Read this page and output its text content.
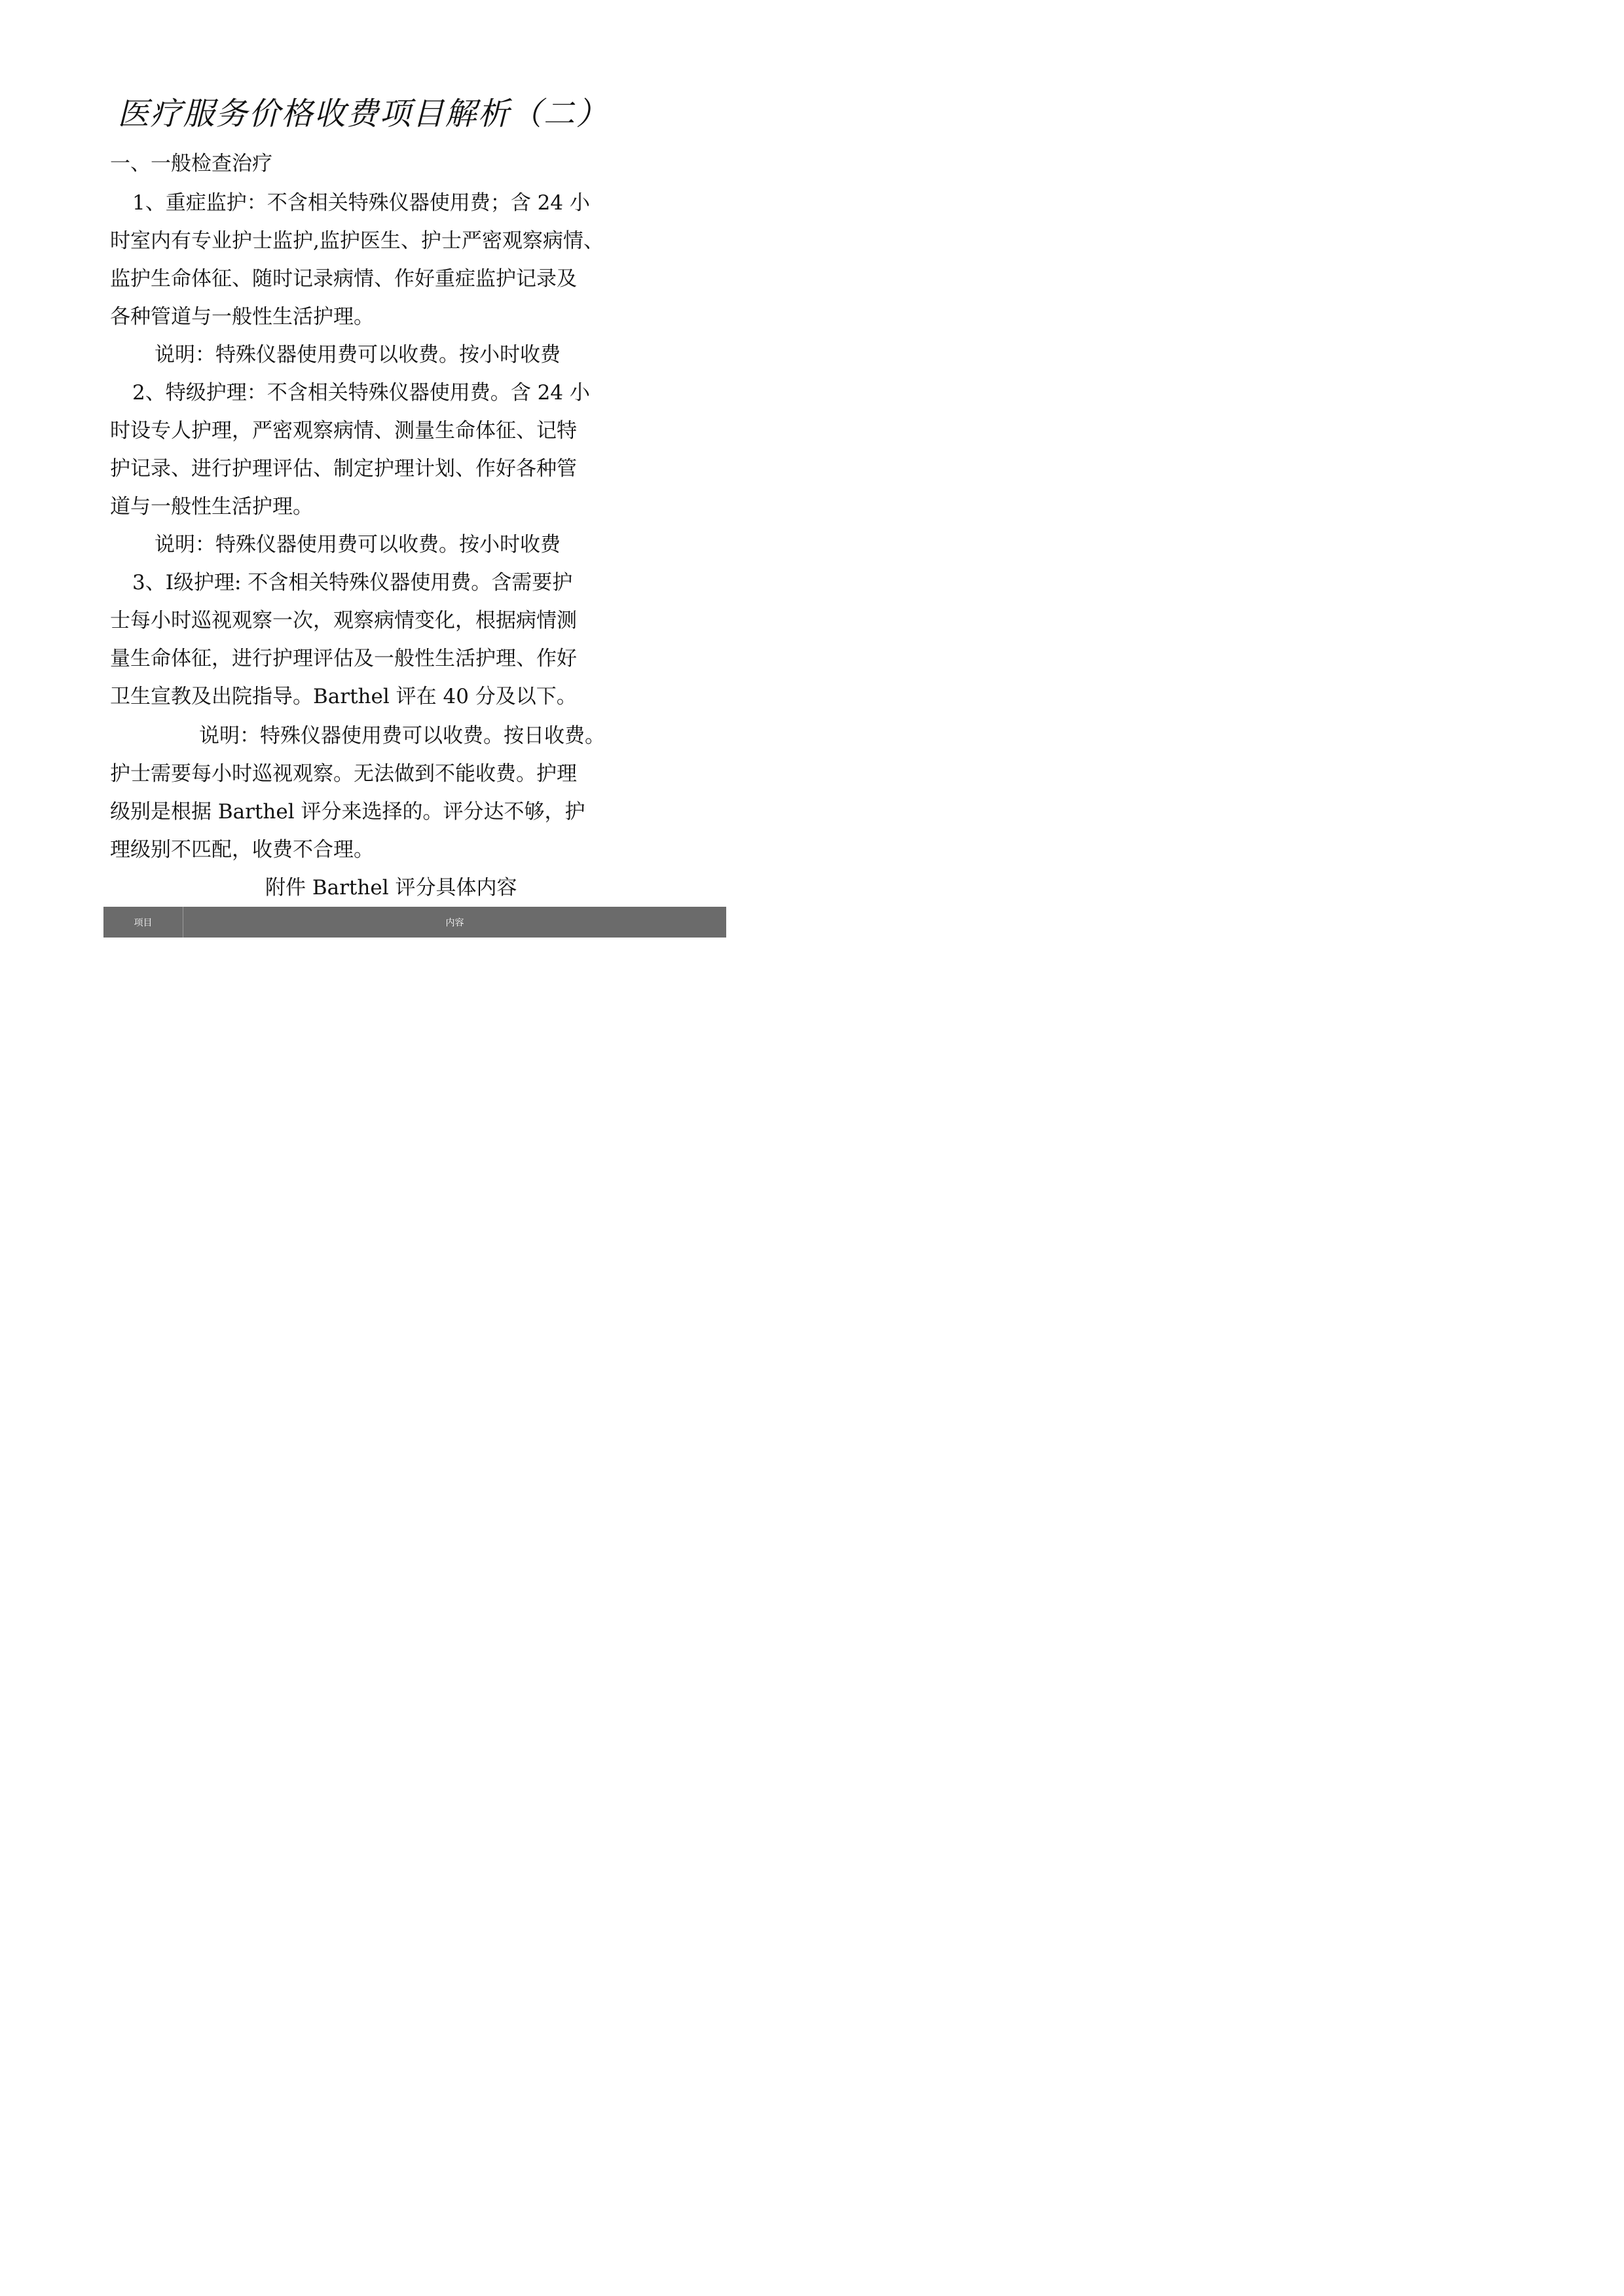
医疗服务价格收费项目解析（二）
一、一般检查治疗
1、重症监护：不含相关特殊仪器使用费；含 24 小
时室内有专业护士监护,监护医生、护士严密观察病情、
监护生命体征、随时记录病情、作好重症监护记录及
各种管道与一般性生活护理。
说明：特殊仪器使用费可以收费。按小时收费
2、特级护理：不含相关特殊仪器使用费。含 24 小
时设专人护理，严密观察病情、测量生命体征、记特
护记录、进行护理评估、制定护理计划、作好各种管
道与一般性生活护理。
说明：特殊仪器使用费可以收费。按小时收费
3、Ⅰ级护理: 不含相关特殊仪器使用费。含需要护
士每小时巡视观察一次，观察病情变化，根据病情测
量生命体征，进行护理评估及一般性生活护理、作好
卫生宣教及出院指导。Barthel 评在 40 分及以下。
说明：特殊仪器使用费可以收费。按日收费。
护士需要每小时巡视观察。无法做到不能收费。护理
级别是根据 Barthel 评分来选择的。评分达不够，护
理级别不匹配，收费不合理。
附件 Barthel 评分具体内容
项目	内容
